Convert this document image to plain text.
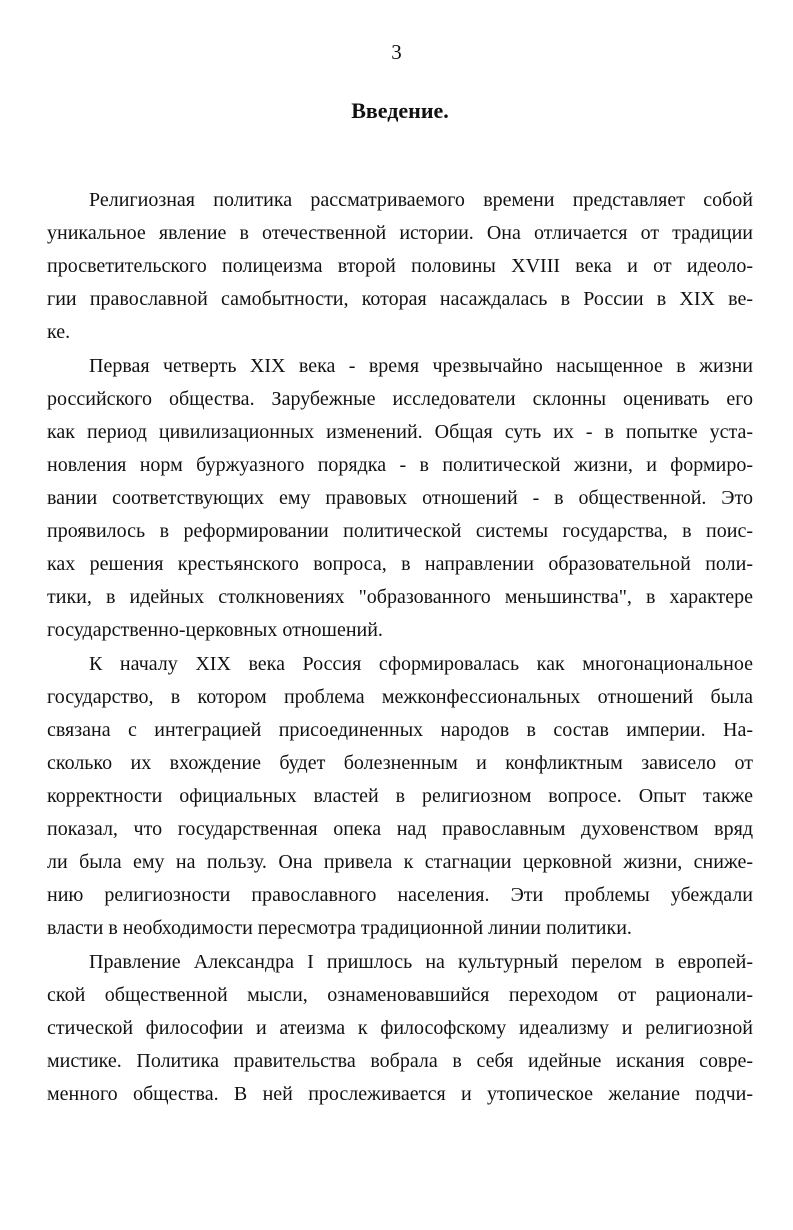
3
Введение.
Религиозная политика рассматриваемого времени представляет собой
уникальное явление в отечественной истории. Она отличается от традиции
просветительского полицеизма второй половины XVIII века и от идеоло-
гии православной самобытности, которая насаждалась в России в XIX ве-
ке.
Первая четверть XIX века - время чрезвычайно насыщенное в жизни
российского общества. Зарубежные исследователи склонны оценивать его
как период цивилизационных изменений. Общая суть их - в попытке уста-
новления норм буржуазного порядка - в политической жизни, и формиро-
вании соответствующих ему правовых отношений - в общественной. Это
проявилось в реформировании политической системы государства, в поис-
ках решения крестьянского вопроса, в направлении образовательной поли-
тики, в идейных столкновениях "образованного меньшинства", в характере
государственно-церковных отношений.
К началу XIX века Россия сформировалась как многонациональное
государство, в котором проблема межконфессиональных отношений была
связана с интеграцией присоединенных народов в состав империи. На-
сколько их вхождение будет болезненным и конфликтным зависело от
корректности официальных властей в религиозном вопросе. Опыт также
показал, что государственная опека над православным духовенством вряд
ли была ему на пользу. Она привела к стагнации церковной жизни, сниже-
нию религиозности православного населения. Эти проблемы убеждали
власти в необходимости пересмотра традиционной линии политики.
Правление Александра I пришлось на культурный перелом в европей-
ской общественной мысли, ознаменовавшийся переходом от рационали-
стической философии и атеизма к философскому идеализму и религиозной
мистике. Политика правительства вобрала в себя идейные искания совре-
менного общества. В ней прослеживается и утопическое желание подчи-
